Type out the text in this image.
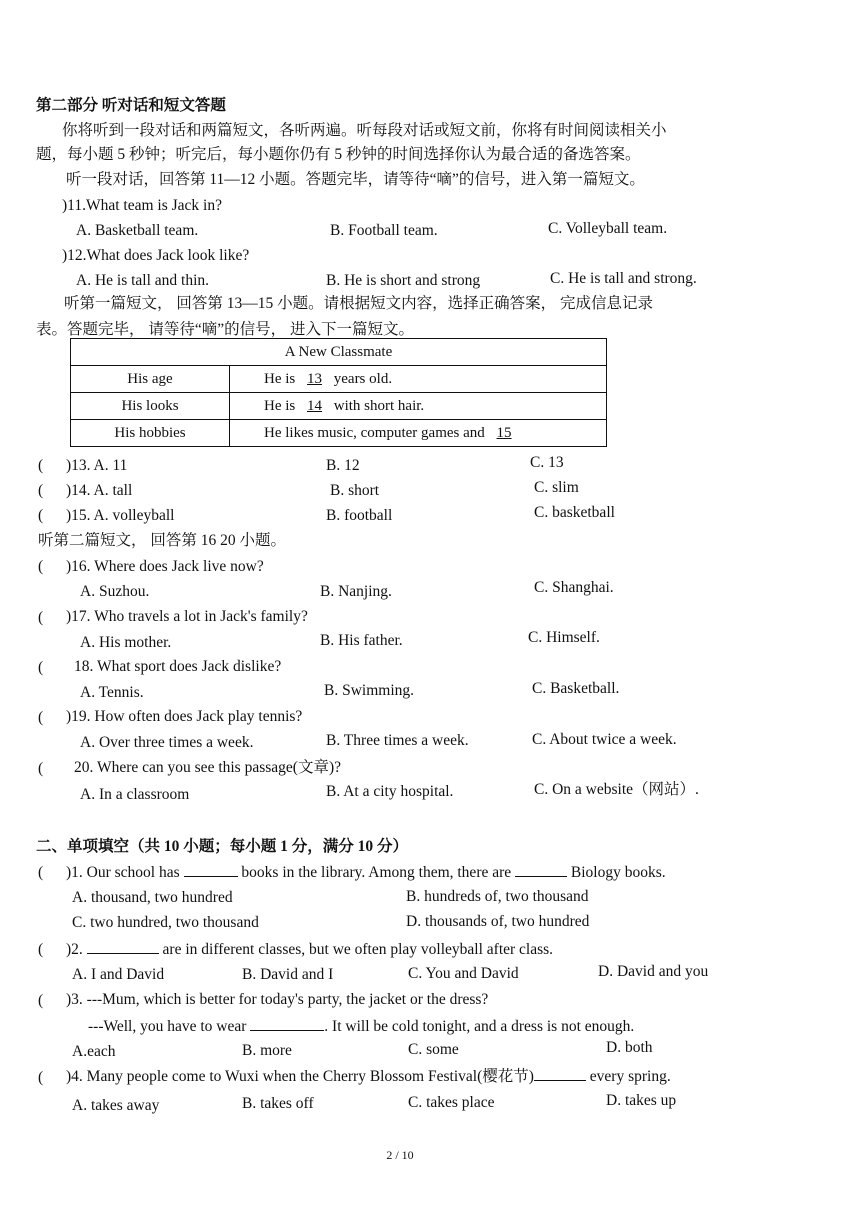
第二部分 听对话和短文答题
你将听到一段对话和两篇短文，各听两遍。听每段对话或短文前，你将有时间阅读相关小
题，每小题 5 秒钟；听完后，每小题你仍有 5 秒钟的时间选择你认为最合适的备选答案。
听一段对话，回答第 11—12 小题。答题完毕，请等待“嘀”的信号，进入第一篇短文。
)11.What team is Jack in?
A. Basketball team.	B. Football team.	C. Volleyball team.
)12.What does Jack look like?
A. He is tall and thin.	B. He is short and strong	C. He is tall and strong.
听第一篇短文， 回答第 13—15 小题。请根据短文内容，选择正确答案， 完成信息记录
表。答题完毕， 请等待“嘀”的信号， 进入下一篇短文。
A New Classmate	
His age	He is 13 years old.
His looks	He is 14 with short hair.
His hobbies	He likes music, computer games and 15
( )13. A. 11	B. 12	C. 13
( )14. A. tall	B. short	C. slim
( )15. A. volleyball	B. football	C. basketball
听第二篇短文， 回答第 16 20 小题。
( )16. Where does Jack live now?
A. Suzhou.	B. Nanjing.	C. Shanghai.
( )17. Who travels a lot in Jack's family?
A. His mother.	B. His father.	C. Himself.
( 18. What sport does Jack dislike?
A. Tennis.	B. Swimming.	C. Basketball.
( )19. How often does Jack play tennis?
A. Over three times a week.	B. Three times a week.	C. About twice a week.
( 20. Where can you see this passage(文章)?
A. In a classroom	B. At a city hospital.	C. On a website（网站）.
二、单项填空（共 10 小题；每小题 1 分，满分 10 分）
( )1. Our school has	books in the library. Among them, there are	Biology books.
A. thousand, two hundred	B. hundreds of, two thousand
C. two hundred, two thousand	D. thousands of, two hundred
( )2.	are in different classes, but we often play volleyball after class.
A. I and David	B. David and I	C. You and David	D. David and you
( )3. ---Mum, which is better for today's party, the jacket or the dress?
---Well, you have to wear	. It will be cold tonight, and a dress is not enough.
A.each	B. more	C. some	D. both
( )4. Many people come to Wuxi when the Cherry Blossom Festival(樱花节)	every spring.
A. takes away	B. takes off	C. takes place	D. takes up
2 / 10
